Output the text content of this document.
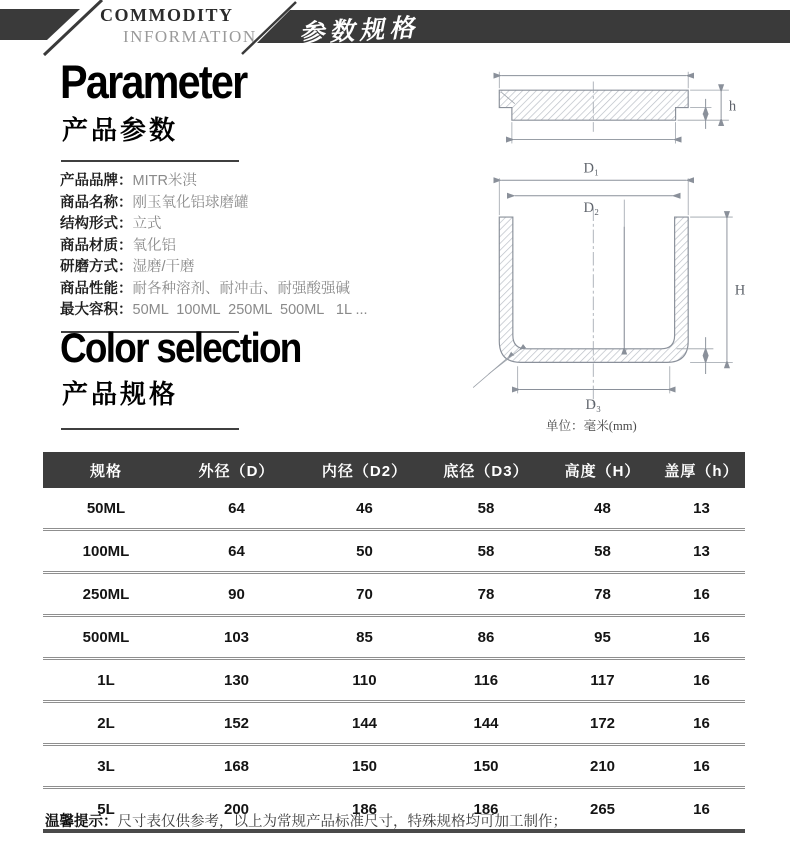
COMMODITY
INFORMATION 参数规格
Parameter
产品参数
产品品牌： MITR米淇
商品名称： 刚玉氧化铝球磨罐
结构形式： 立式
商品材质： 氧化铝
研磨方式： 湿磨/干磨
商品性能： 耐各种溶剂、耐冲击、耐强酸强碱
最大容积： 50ML  100ML  250ML  500ML   1L ...
h
D₁
D₂
H
D₃
单位：毫米(mm)
Color selection
产品规格
规格	外径（D）	内径（D2）	底径（D3）	高度（H）	盖厚（h）
50ML	64	46	58	48	13
100ML	64	50	58	58	13
250ML	90	70	78	78	16
500ML	103	85	86	95	16
1L	130	110	116	117	16
2L	152	144	144	172	16
3L	168	150	150	210	16
5L	200	186	186	265	16
温馨提示：尺寸表仅供参考，以上为常规产品标准尺寸，特殊规格均可加工制作；
